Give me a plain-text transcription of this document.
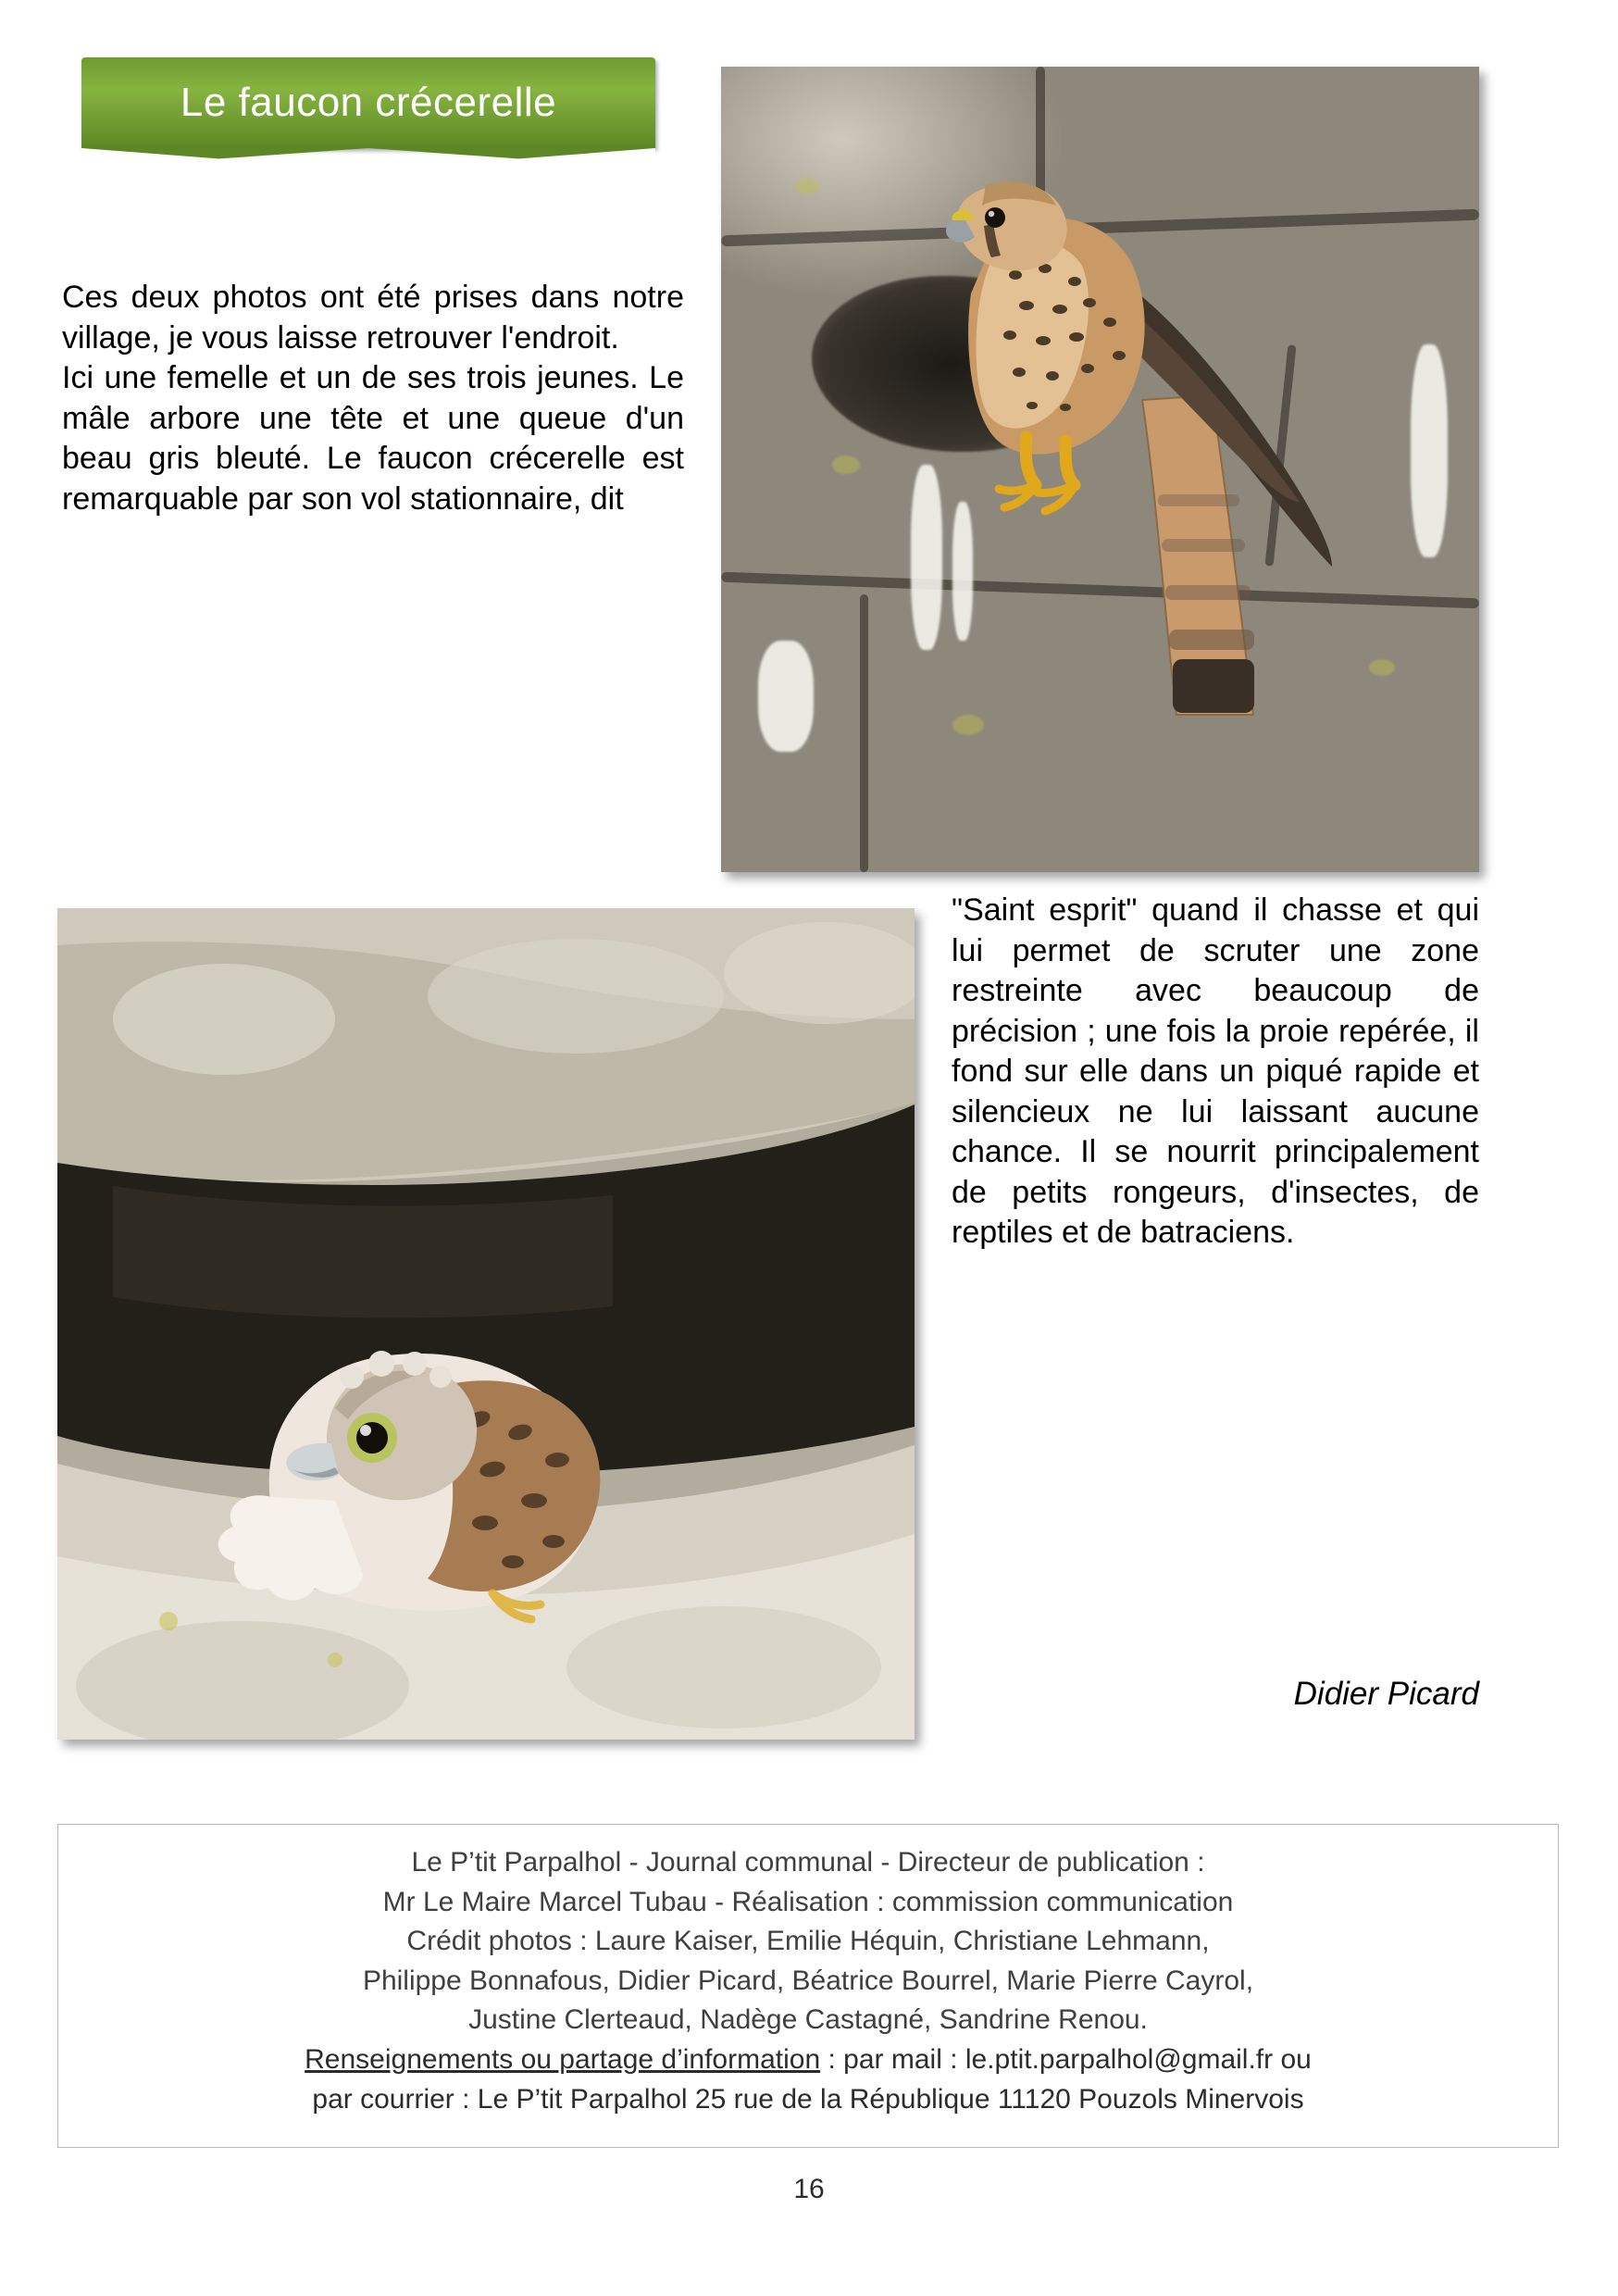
Le faucon crécerelle

Ces deux photos ont été prises dans notre village, je vous laisse retrouver l'endroit.

Ici une femelle et un de ses trois jeunes. Le mâle arbore une tête et une queue d'un beau gris bleuté. Le faucon crécerelle est remarquable par son vol stationnaire, dit

"Saint esprit" quand il chasse et qui lui permet de scruter une zone restreinte avec beaucoup de précision ; une fois la proie repérée, il fond sur elle dans un piqué rapide et silencieux ne lui laissant aucune chance. Il se nourrit principalement de petits rongeurs, d'insectes, de reptiles et de batraciens.

Didier Picard
Le P’tit Parpalhol - Journal communal - Directeur de publication :
Mr Le Maire Marcel Tubau - Réalisation : commission communication
Crédit photos : Laure Kaiser, Emilie Héquin, Christiane Lehmann,
Philippe Bonnafous, Didier Picard, Béatrice Bourrel, Marie Pierre Cayrol,
Justine Clerteaud, Nadège Castagné, Sandrine Renou.
Renseignements ou partage d’information : par mail : le.ptit.parpalhol@gmail.fr ou
par courrier : Le P’tit Parpalhol 25 rue de la République 11120 Pouzols Minervois
16
